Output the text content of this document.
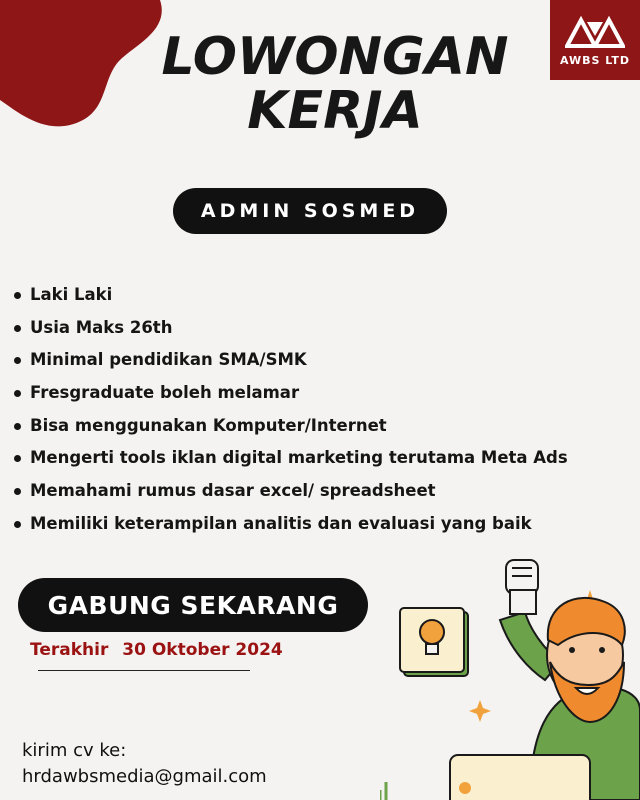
AWBS LTD
LOWONGAN
KERJA
ADMIN SOSMED
Laki Laki
Usia Maks 26th
Minimal pendidikan SMA/SMK
Fresgraduate boleh melamar
Bisa menggunakan Komputer/Internet
Mengerti tools iklan digital marketing terutama Meta Ads
Memahami rumus dasar excel/ spreadsheet
Memiliki keterampilan analitis dan evaluasi yang baik
GABUNG SEKARANG
Terakhir 30 Oktober 2024
kirim cv ke:
hrdawbsmedia@gmail.com
